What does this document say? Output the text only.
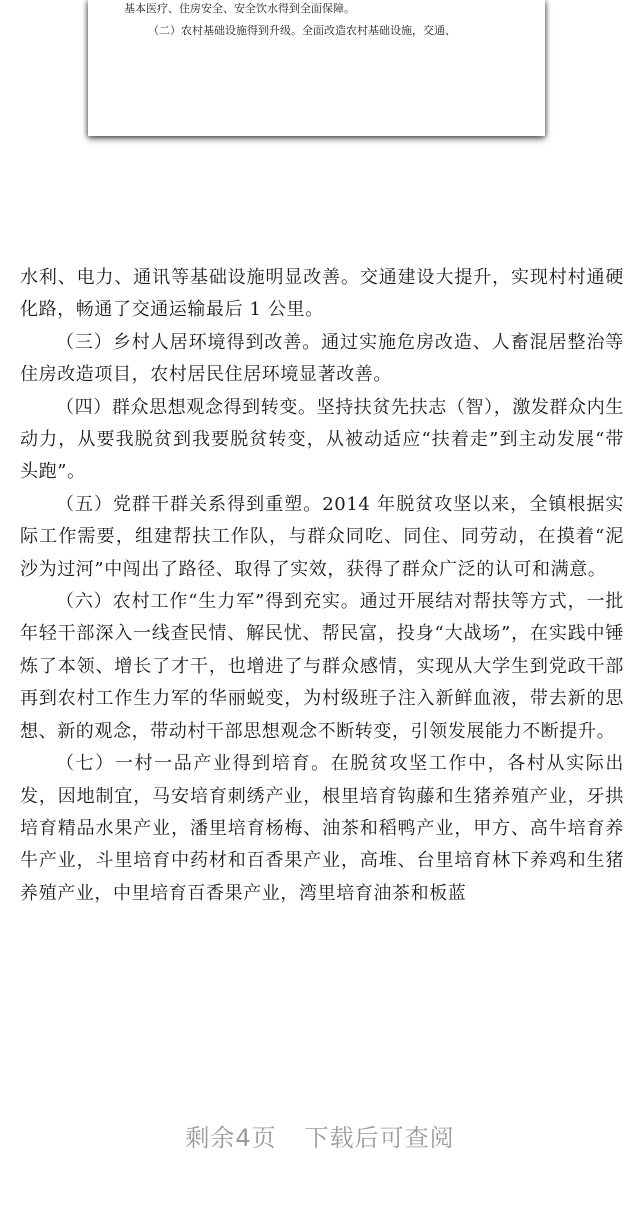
基本医疗、住房安全、安全饮水得到全面保障。
（二）农村基础设施得到升级。全面改造农村基础设施，交通、

水利、电力、通讯等基础设施明显改善。交通建设大提升，实现村村通硬化路，畅通了交通运输最后 1 公里。

（三）乡村人居环境得到改善。通过实施危房改造、人畜混居整治等住房改造项目，农村居民住居环境显著改善。

（四）群众思想观念得到转变。坚持扶贫先扶志（智），激发群众内生动力，从要我脱贫到我要脱贫转变，从被动适应“扶着走”到主动发展“带头跑”。

（五）党群干群关系得到重塑。2014 年脱贫攻坚以来，全镇根据实际工作需要，组建帮扶工作队，与群众同吃、同住、同劳动，在摸着“泥沙为过河”中闯出了路径、取得了实效，获得了群众广泛的认可和满意。

（六）农村工作“生力军”得到充实。通过开展结对帮扶等方式，一批年轻干部深入一线查民情、解民忧、帮民富，投身“大战场”，在实践中锤炼了本领、增长了才干，也增进了与群众感情，实现从大学生到党政干部再到农村工作生力军的华丽蜕变，为村级班子注入新鲜血液，带去新的思想、新的观念，带动村干部思想观念不断转变，引领发展能力不断提升。

（七）一村一品产业得到培育。在脱贫攻坚工作中，各村从实际出发，因地制宜，马安培育刺绣产业，根里培育钩藤和生猪养殖产业，牙拱培育精品水果产业，潘里培育杨梅、油茶和稻鸭产业，甲方、高牛培育养牛产业，斗里培育中药材和百香果产业，高堆、台里培育林下养鸡和生猪养殖产业，中里培育百香果产业，湾里培育油茶和板蓝

剩余4页 下载后可查阅
